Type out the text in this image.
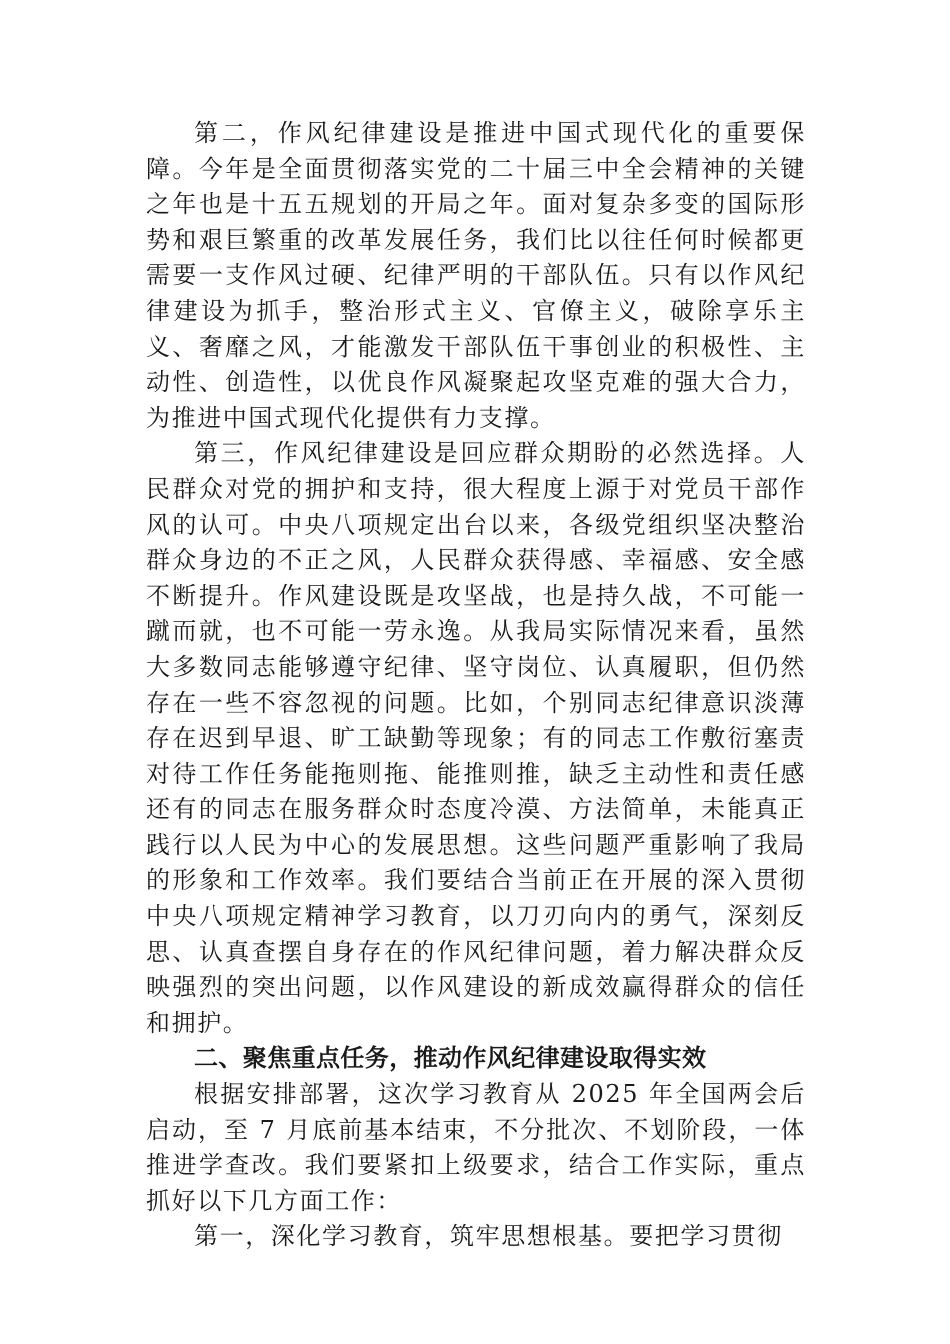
第二，作风纪律建设是推进中国式现代化的重要保障。今年是全面贯彻落实党的二十届三中全会精神的关键之年也是十五五规划的开局之年。面对复杂多变的国际形势和艰巨繁重的改革发展任务，我们比以往任何时候都更需要一支作风过硬、纪律严明的干部队伍。只有以作风纪律建设为抓手，整治形式主义、官僚主义，破除享乐主义、奢靡之风，才能激发干部队伍干事创业的积极性、主动性、创造性，以优良作风凝聚起攻坚克难的强大合力，为推进中国式现代化提供有力支撑。

第三，作风纪律建设是回应群众期盼的必然选择。人民群众对党的拥护和支持，很大程度上源于对党员干部作风的认可。中央八项规定出台以来，各级党组织坚决整治群众身边的不正之风，人民群众获得感、幸福感、安全感不断提升。作风建设既是攻坚战，也是持久战，不可能一蹴而就，也不可能一劳永逸。从我局实际情况来看，虽然大多数同志能够遵守纪律、坚守岗位、认真履职，但仍然存在一些不容忽视的问题。比如，个别同志纪律意识淡薄存在迟到早退、旷工缺勤等现象；有的同志工作敷衍塞责对待工作任务能拖则拖、能推则推，缺乏主动性和责任感还有的同志在服务群众时态度冷漠、方法简单，未能真正践行以人民为中心的发展思想。这些问题严重影响了我局的形象和工作效率。我们要结合当前正在开展的深入贯彻中央八项规定精神学习教育，以刀刃向内的勇气，深刻反思、认真查摆自身存在的作风纪律问题，着力解决群众反映强烈的突出问题，以作风建设的新成效赢得群众的信任和拥护。

二、聚焦重点任务，推动作风纪律建设取得实效

根据安排部署，这次学习教育从 2025 年全国两会后启动，至 7 月底前基本结束，不分批次、不划阶段，一体推进学查改。我们要紧扣上级要求，结合工作实际，重点抓好以下几方面工作：

第一，深化学习教育，筑牢思想根基。要把学习贯彻
